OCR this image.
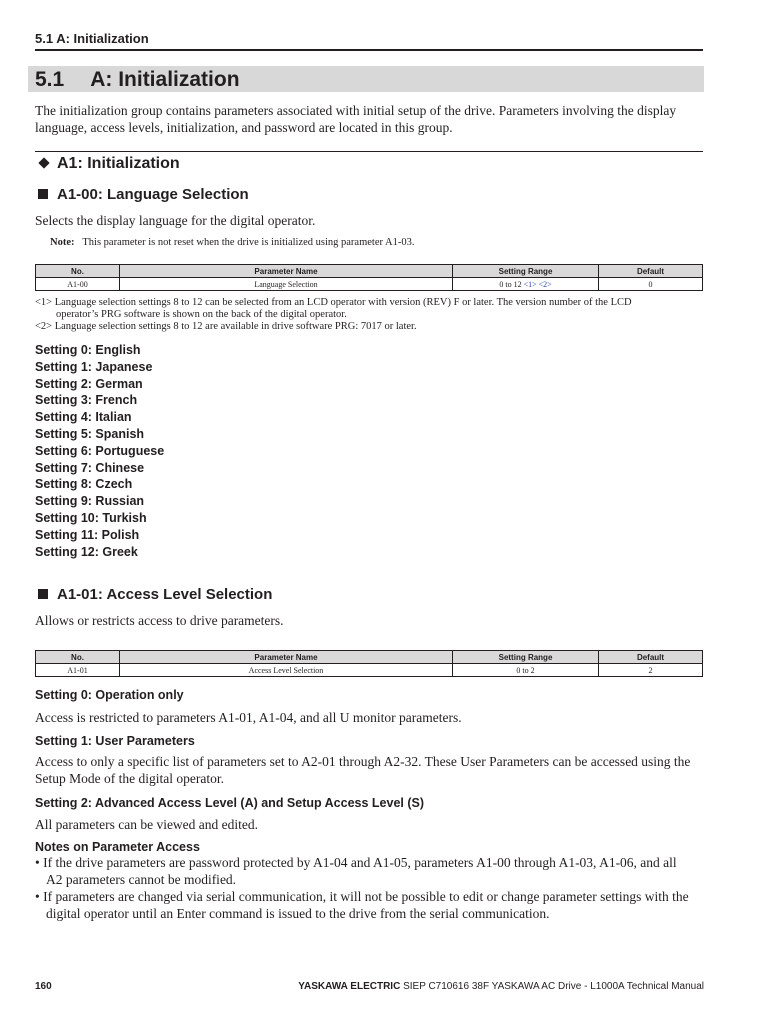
5.1 A: Initialization
5.1 A: Initialization
The initialization group contains parameters associated with initial setup of the drive. Parameters involving the display language, access levels, initialization, and password are located in this group.
A1: Initialization
A1-00: Language Selection
Selects the display language for the digital operator.
Note: This parameter is not reset when the drive is initialized using parameter A1-03.
No.	Parameter Name	Setting Range	Default
A1-00	Language Selection	0 to 12 <1> <2>	0
<1> Language selection settings 8 to 12 can be selected from an LCD operator with version (REV) F or later. The version number of the LCD
operator’s PRG software is shown on the back of the digital operator.
<2> Language selection settings 8 to 12 are available in drive software PRG: 7017 or later.
Setting 0: English
Setting 1: Japanese
Setting 2: German
Setting 3: French
Setting 4: Italian
Setting 5: Spanish
Setting 6: Portuguese
Setting 7: Chinese
Setting 8: Czech
Setting 9: Russian
Setting 10: Turkish
Setting 11: Polish
Setting 12: Greek
A1-01: Access Level Selection
Allows or restricts access to drive parameters.
No.	Parameter Name	Setting Range	Default
A1-01	Access Level Selection	0 to 2	2
Setting 0: Operation only
Access is restricted to parameters A1-01, A1-04, and all U monitor parameters.
Setting 1: User Parameters
Access to only a specific list of parameters set to A2-01 through A2-32. These User Parameters can be accessed using the
Setup Mode of the digital operator.
Setting 2: Advanced Access Level (A) and Setup Access Level (S)
All parameters can be viewed and edited.
Notes on Parameter Access
• If the drive parameters are password protected by A1-04 and A1-05, parameters A1-00 through A1-03, A1-06, and all
A2 parameters cannot be modified.
• If parameters are changed via serial communication, it will not be possible to edit or change parameter settings with the
digital operator until an Enter command is issued to the drive from the serial communication.
160	YASKAWA ELECTRIC SIEP C710616 38F YASKAWA AC Drive - L1000A Technical Manual
